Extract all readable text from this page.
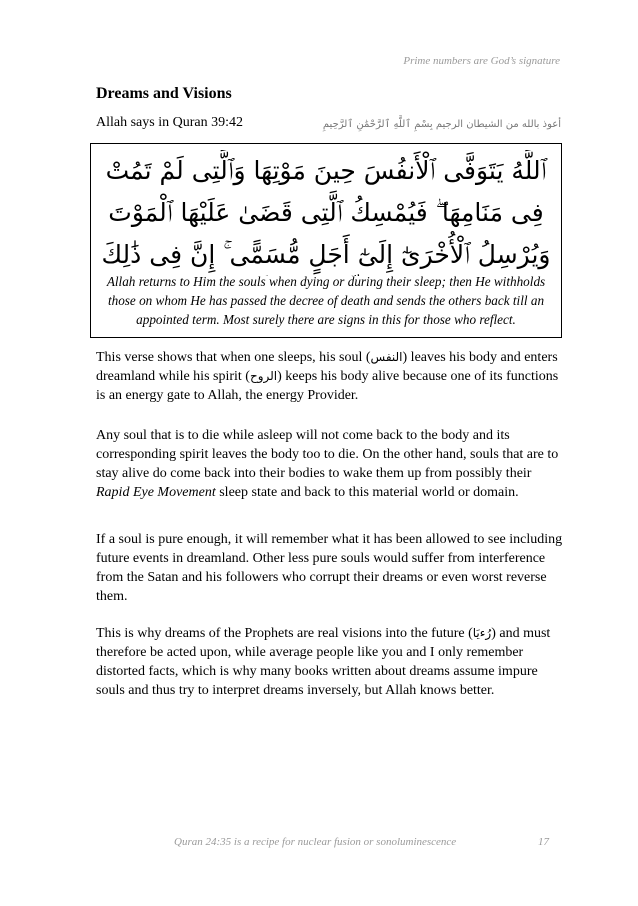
Prime numbers are God’s signature
Dreams and Visions
Allah says in Quran 39:42	أعوذ بالله من الشيطان الرجيم بِسْمِ ٱللَّهِ ٱلرَّحْمَٰنِ ٱلرَّحِيمِ
ٱللَّهُ يَتَوَفَّى ٱلْأَنفُسَ حِينَ مَوْتِهَا وَٱلَّتِى لَمْ تَمُتْ فِى مَنَامِهَا ۖ فَيُمْسِكُ ٱلَّتِى قَضَىٰ عَلَيْهَا ٱلْمَوْتَ وَيُرْسِلُ ٱلْأُخْرَىٰٓ إِلَىٰٓ أَجَلٍ مُّسَمًّى ۚ إِنَّ فِى ذَٰلِكَ
Allah returns to Him the souls when dying or during their sleep; then He withholds those on whom He has passed the decree of death and sends the others back till an appointed term. Most surely there are signs in this for those who reflect.

This verse shows that when one sleeps, his soul (النفس) leaves his body and enters dreamland while his spirit (الروح) keeps his body alive because one of its functions is an energy gate to Allah, the energy Provider.

Any soul that is to die while asleep will not come back to the body and its corresponding spirit leaves the body too to die. On the other hand, souls that are to stay alive do come back into their bodies to wake them up from possibly their Rapid Eye Movement sleep state and back to this material world or domain.

If a soul is pure enough, it will remember what it has been allowed to see including future events in dreamland. Other less pure souls would suffer from interference from the Satan and his followers who corrupt their dreams or even worst reverse them.

This is why dreams of the Prophets are real visions into the future (رُءيَا) and must therefore be acted upon, while average people like you and I only remember distorted facts, which is why many books written about dreams assume impure souls and thus try to interpret dreams inversely, but Allah knows better.

Quran 24:35 is a recipe for nuclear fusion or sonoluminescence	17
